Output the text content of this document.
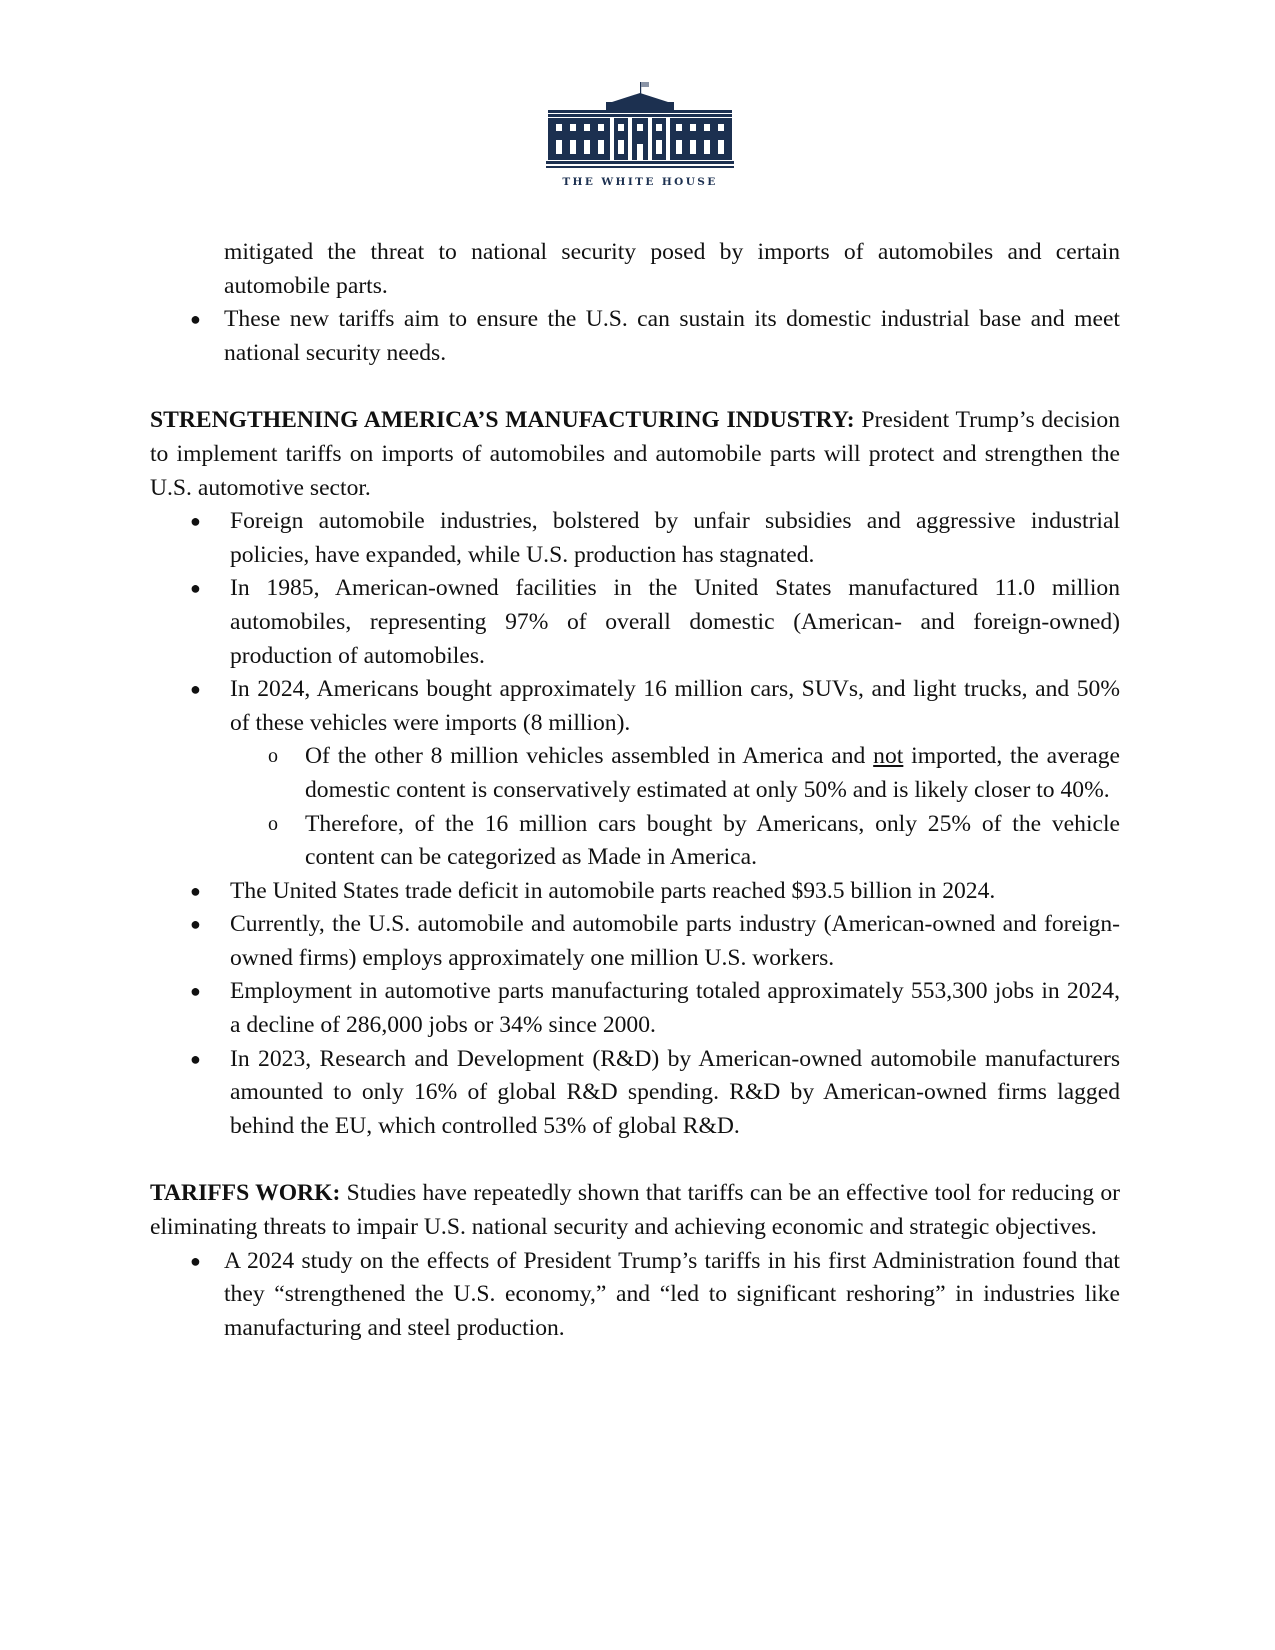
THE WHITE HOUSE

mitigated the threat to national security posed by imports of automobiles and certain automobile parts.

● These new tariffs aim to ensure the U.S. can sustain its domestic industrial base and meet national security needs.

STRENGTHENING AMERICA’S MANUFACTURING INDUSTRY: President Trump’s decision to implement tariffs on imports of automobiles and automobile parts will protect and strengthen the U.S. automotive sector.

● Foreign automobile industries, bolstered by unfair subsidies and aggressive industrial policies, have expanded, while U.S. production has stagnated.
● In 1985, American-owned facilities in the United States manufactured 11.0 million automobiles, representing 97% of overall domestic (American- and foreign-owned) production of automobiles.
● In 2024, Americans bought approximately 16 million cars, SUVs, and light trucks, and 50% of these vehicles were imports (8 million).
o Of the other 8 million vehicles assembled in America and not imported, the average domestic content is conservatively estimated at only 50% and is likely closer to 40%.
o Therefore, of the 16 million cars bought by Americans, only 25% of the vehicle content can be categorized as Made in America.
● The United States trade deficit in automobile parts reached $93.5 billion in 2024.
● Currently, the U.S. automobile and automobile parts industry (American-owned and foreign-owned firms) employs approximately one million U.S. workers.
● Employment in automotive parts manufacturing totaled approximately 553,300 jobs in 2024, a decline of 286,000 jobs or 34% since 2000.
● In 2023, Research and Development (R&D) by American-owned automobile manufacturers amounted to only 16% of global R&D spending. R&D by American-owned firms lagged behind the EU, which controlled 53% of global R&D.

TARIFFS WORK: Studies have repeatedly shown that tariffs can be an effective tool for reducing or eliminating threats to impair U.S. national security and achieving economic and strategic objectives.

● A 2024 study on the effects of President Trump’s tariffs in his first Administration found that they “strengthened the U.S. economy,” and “led to significant reshoring” in industries like manufacturing and steel production.
